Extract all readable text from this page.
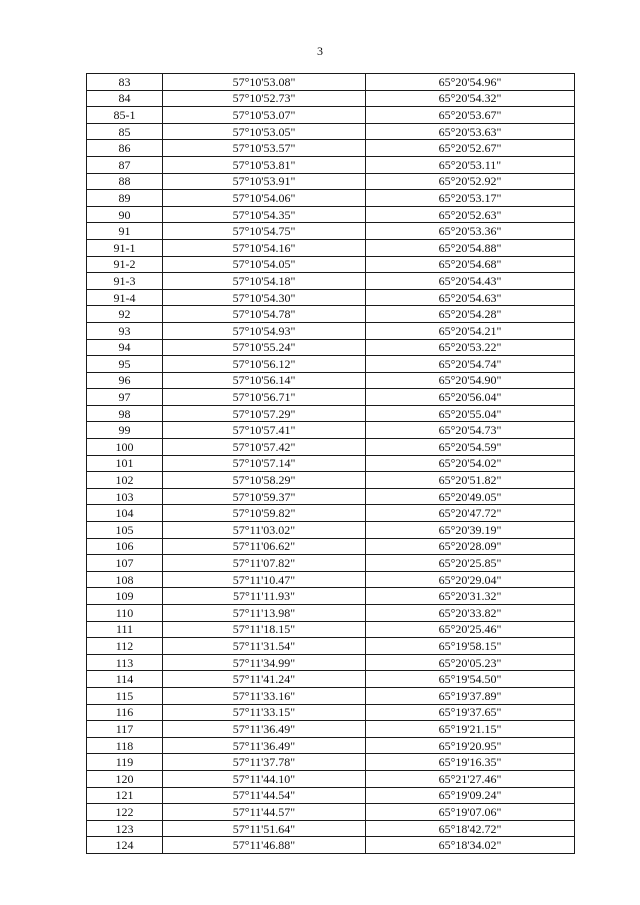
3
83	57°10'53.08"	65°20'54.96"
84	57°10'52.73"	65°20'54.32"
85-1	57°10'53.07"	65°20'53.67"
85	57°10'53.05"	65°20'53.63"
86	57°10'53.57"	65°20'52.67"
87	57°10'53.81"	65°20'53.11"
88	57°10'53.91"	65°20'52.92"
89	57°10'54.06"	65°20'53.17"
90	57°10'54.35"	65°20'52.63"
91	57°10'54.75"	65°20'53.36"
91-1	57°10'54.16"	65°20'54.88"
91-2	57°10'54.05"	65°20'54.68"
91-3	57°10'54.18"	65°20'54.43"
91-4	57°10'54.30"	65°20'54.63"
92	57°10'54.78"	65°20'54.28"
93	57°10'54.93"	65°20'54.21"
94	57°10'55.24"	65°20'53.22"
95	57°10'56.12"	65°20'54.74"
96	57°10'56.14"	65°20'54.90"
97	57°10'56.71"	65°20'56.04"
98	57°10'57.29"	65°20'55.04"
99	57°10'57.41"	65°20'54.73"
100	57°10'57.42"	65°20'54.59"
101	57°10'57.14"	65°20'54.02"
102	57°10'58.29"	65°20'51.82"
103	57°10'59.37"	65°20'49.05"
104	57°10'59.82"	65°20'47.72"
105	57°11'03.02"	65°20'39.19"
106	57°11'06.62"	65°20'28.09"
107	57°11'07.82"	65°20'25.85"
108	57°11'10.47"	65°20'29.04"
109	57°11'11.93"	65°20'31.32"
110	57°11'13.98"	65°20'33.82"
111	57°11'18.15"	65°20'25.46"
112	57°11'31.54"	65°19'58.15"
113	57°11'34.99"	65°20'05.23"
114	57°11'41.24"	65°19'54.50"
115	57°11'33.16"	65°19'37.89"
116	57°11'33.15"	65°19'37.65"
117	57°11'36.49"	65°19'21.15"
118	57°11'36.49"	65°19'20.95"
119	57°11'37.78"	65°19'16.35"
120	57°11'44.10"	65°21'27.46"
121	57°11'44.54"	65°19'09.24"
122	57°11'44.57"	65°19'07.06"
123	57°11'51.64"	65°18'42.72"
124	57°11'46.88"	65°18'34.02"
